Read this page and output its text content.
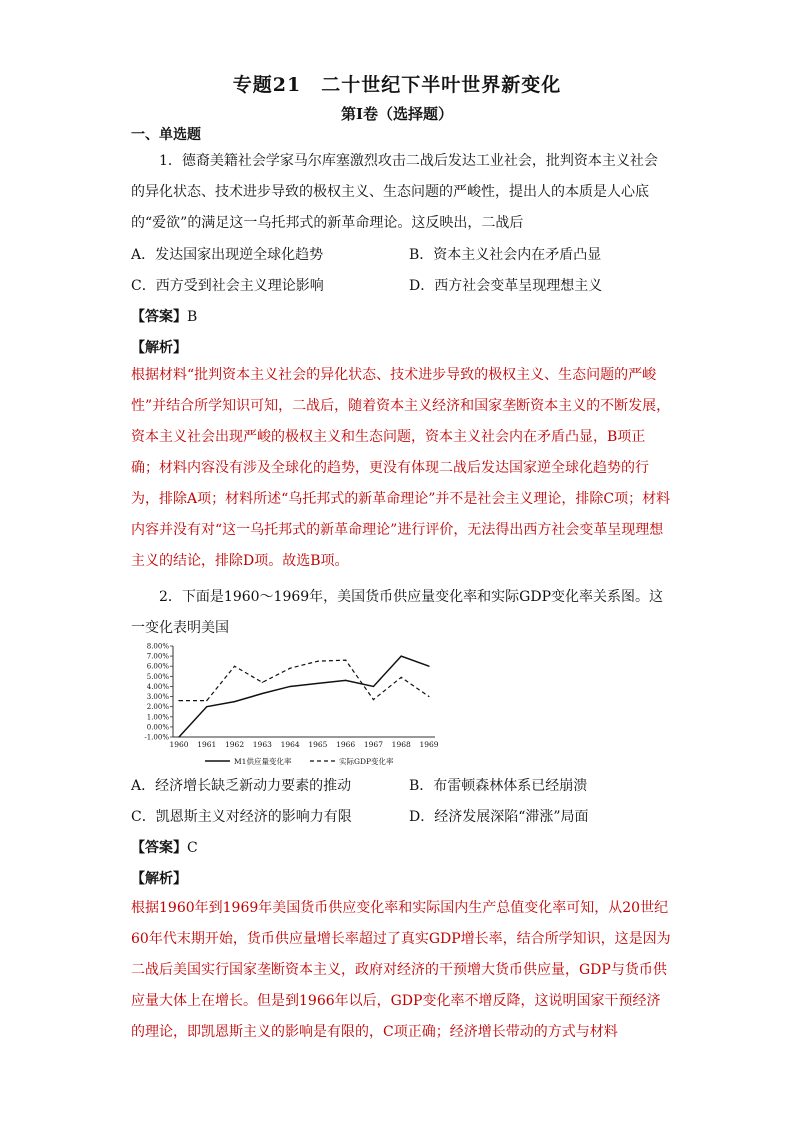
专题21　二十世纪下半叶世界新变化
第Ⅰ卷（选择题）
一、单选题
1．德裔美籍社会学家马尔库塞激烈攻击二战后发达工业社会，批判资本主义社会的异化状态、技术进步导致的极权主义、生态问题的严峻性，提出人的本质是人心底的“爱欲”的满足这一乌托邦式的新革命理论。这反映出，二战后
A．发达国家出现逆全球化趋势	B．资本主义社会内在矛盾凸显
C．西方受到社会主义理论影响	D．西方社会变革呈现理想主义
【答案】B
【解析】
根据材料“批判资本主义社会的异化状态、技术进步导致的极权主义、生态问题的严峻性”并结合所学知识可知，二战后，随着资本主义经济和国家垄断资本主义的不断发展，资本主义社会出现严峻的极权主义和生态问题，资本主义社会内在矛盾凸显，B项正确；材料内容没有涉及全球化的趋势，更没有体现二战后发达国家逆全球化趋势的行为，排除A项；材料所述“乌托邦式的新革命理论”并不是社会主义理论，排除C项；材料内容并没有对“这一乌托邦式的新革命理论”进行评价，无法得出西方社会变革呈现理想主义的结论，排除D项。故选B项。
2．下面是1960～1969年，美国货币供应量变化率和实际GDP变化率关系图。这一变化表明美国
8.00%
7.00%
6.00%
5.00%
4.00%
3.00%
2.00%
1.00%
0.00%
-1.00%
1960 1961 1962 1963 1964 1965 1966 1967 1968 1969
M1供应量变化率	实际GDP变化率
A．经济增长缺乏新动力要素的推动	B．布雷顿森林体系已经崩溃
C．凯恩斯主义对经济的影响力有限	D．经济发展深陷“滞涨”局面
【答案】C
【解析】
根据1960年到1969年美国货币供应变化率和实际国内生产总值变化率可知，从20世纪60年代末期开始，货币供应量增长率超过了真实GDP增长率，结合所学知识，这是因为二战后美国实行国家垄断资本主义，政府对经济的干预增大货币供应量，GDP与货币供应量大体上在增长。但是到1966年以后，GDP变化率不增反降，这说明国家干预经济的理论，即凯恩斯主义的影响是有限的，C项正确；经济增长带动的方式与材料
